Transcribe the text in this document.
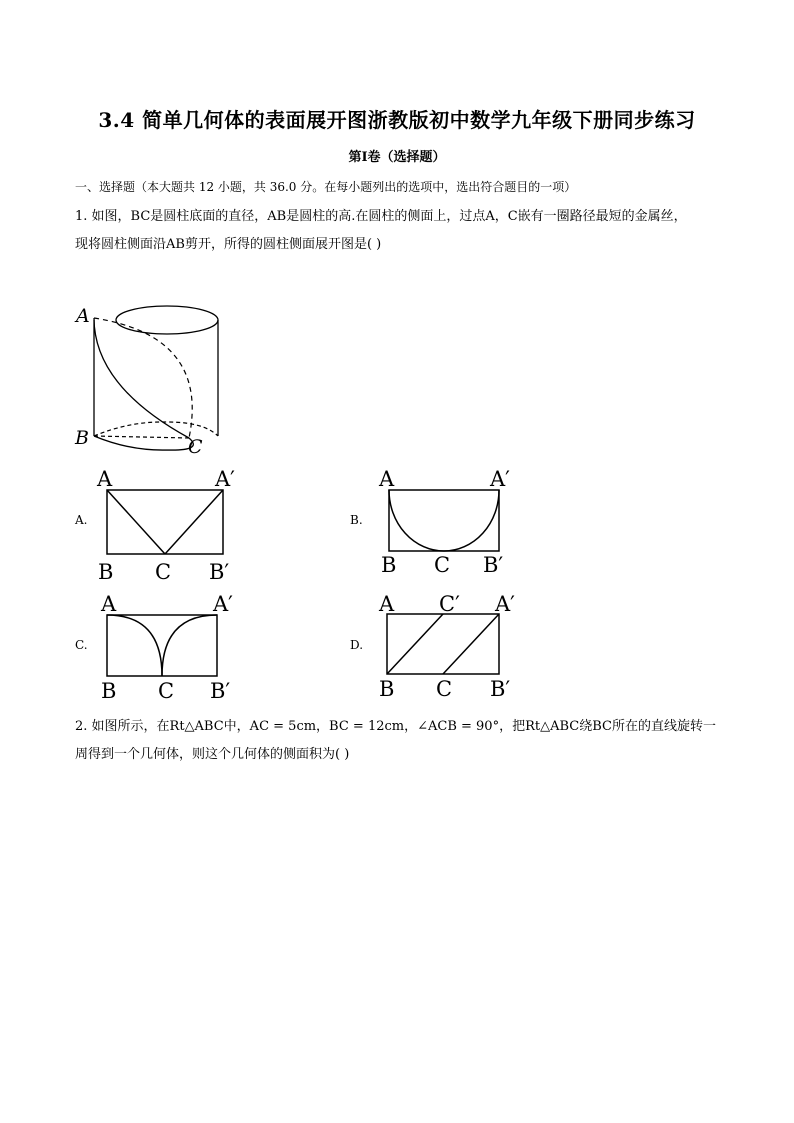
3.4 简单几何体的表面展开图浙教版初中数学九年级下册同步练习
第I卷（选择题）
一、选择题（本大题共 12 小题，共 36.0 分。在每小题列出的选项中，选出符合题目的一项）
1. 如图，BC是圆柱底面的直径，AB是圆柱的高.在圆柱的侧面上，过点A，C嵌有一圈路径最短的金属丝，
现将圆柱侧面沿AB剪开，所得的圆柱侧面展开图是( )
A
B	C
A.
A	A′
B C B′
B.
A	A′
B C B′
C.
A	A′
B C B′
D.
A C′ A′
B C B′
2. 如图所示，在Rt△ABC中，AC = 5cm，BC = 12cm，∠ACB = 90°，把Rt△ABC绕BC所在的直线旋转一
周得到一个几何体，则这个几何体的侧面积为( )
